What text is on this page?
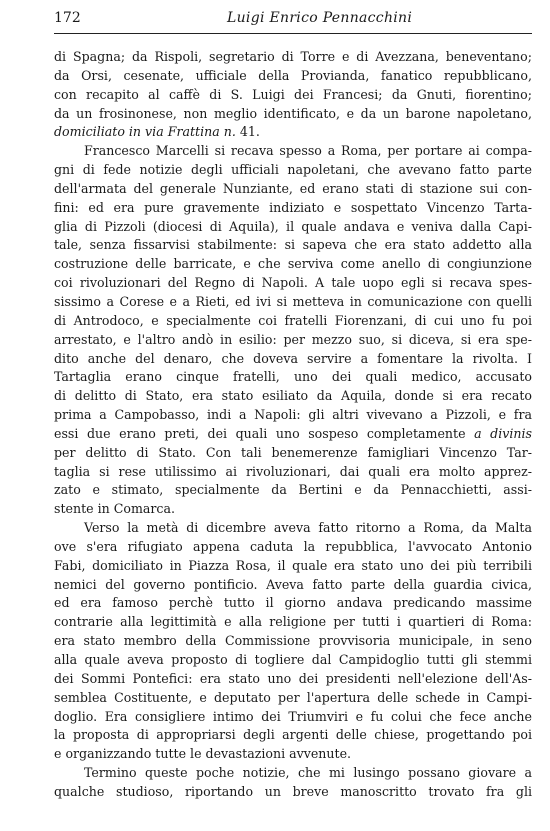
172	Luigi Enrico Pennacchini
di Spagna; da Rispoli, segretario di Torre e di Avezzana, beneventano;
da Orsi, cesenate, ufficiale della Provianda, fanatico repubblicano,
con recapito al caffè di S. Luigi dei Francesi; da Gnuti, fiorentino;
da un frosinonese, non meglio identificato, e da un barone napoletano,
domiciliato in via Frattina n. 41.
Francesco Marcelli si recava spesso a Roma, per portare ai compa-
gni di fede notizie degli ufficiali napoletani, che avevano fatto parte
dell'armata del generale Nunziante, ed erano stati di stazione sui con-
fini: ed era pure gravemente indiziato e sospettato Vincenzo Tarta-
glia di Pizzoli (diocesi di Aquila), il quale andava e veniva dalla Capi-
tale, senza fissarvisi stabilmente: si sapeva che era stato addetto alla
costruzione delle barricate, e che serviva come anello di congiunzione
coi rivoluzionari del Regno di Napoli. A tale uopo egli si recava spes-
sissimo a Corese e a Rieti, ed ivi si metteva in comunicazione con quelli
di Antrodoco, e specialmente coi fratelli Fiorenzani, di cui uno fu poi
arrestato, e l'altro andò in esilio: per mezzo suo, si diceva, si era spe-
dito anche del denaro, che doveva servire a fomentare la rivolta. I
Tartaglia erano cinque fratelli, uno dei quali medico, accusato
di delitto di Stato, era stato esiliato da Aquila, donde si era recato
prima a Campobasso, indi a Napoli: gli altri vivevano a Pizzoli, e fra
essi due erano preti, dei quali uno sospeso completamente a divinis
per delitto di Stato. Con tali benemerenze famigliari Vincenzo Tar-
taglia si rese utilissimo ai rivoluzionari, dai quali era molto apprez-
zato e stimato, specialmente da Bertini e da Pennacchietti, assi-
stente in Comarca.
Verso la metà di dicembre aveva fatto ritorno a Roma, da Malta
ove s'era rifugiato appena caduta la repubblica, l'avvocato Antonio
Fabi, domiciliato in Piazza Rosa, il quale era stato uno dei più terribili
nemici del governo pontificio. Aveva fatto parte della guardia civica,
ed era famoso perchè tutto il giorno andava predicando massime
contrarie alla legittimità e alla religione per tutti i quartieri di Roma:
era stato membro della Commissione provvisoria municipale, in seno
alla quale aveva proposto di togliere dal Campidoglio tutti gli stemmi
dei Sommi Pontefici: era stato uno dei presidenti nell'elezione dell'As-
semblea Costituente, e deputato per l'apertura delle schede in Campi-
doglio. Era consigliere intimo dei Triumviri e fu colui che fece anche
la proposta di appropriarsi degli argenti delle chiese, progettando poi
e organizzando tutte le devastazioni avvenute.
Termino queste poche notizie, che mi lusingo possano giovare a
qualche studioso, riportando un breve manoscritto trovato fra gli
